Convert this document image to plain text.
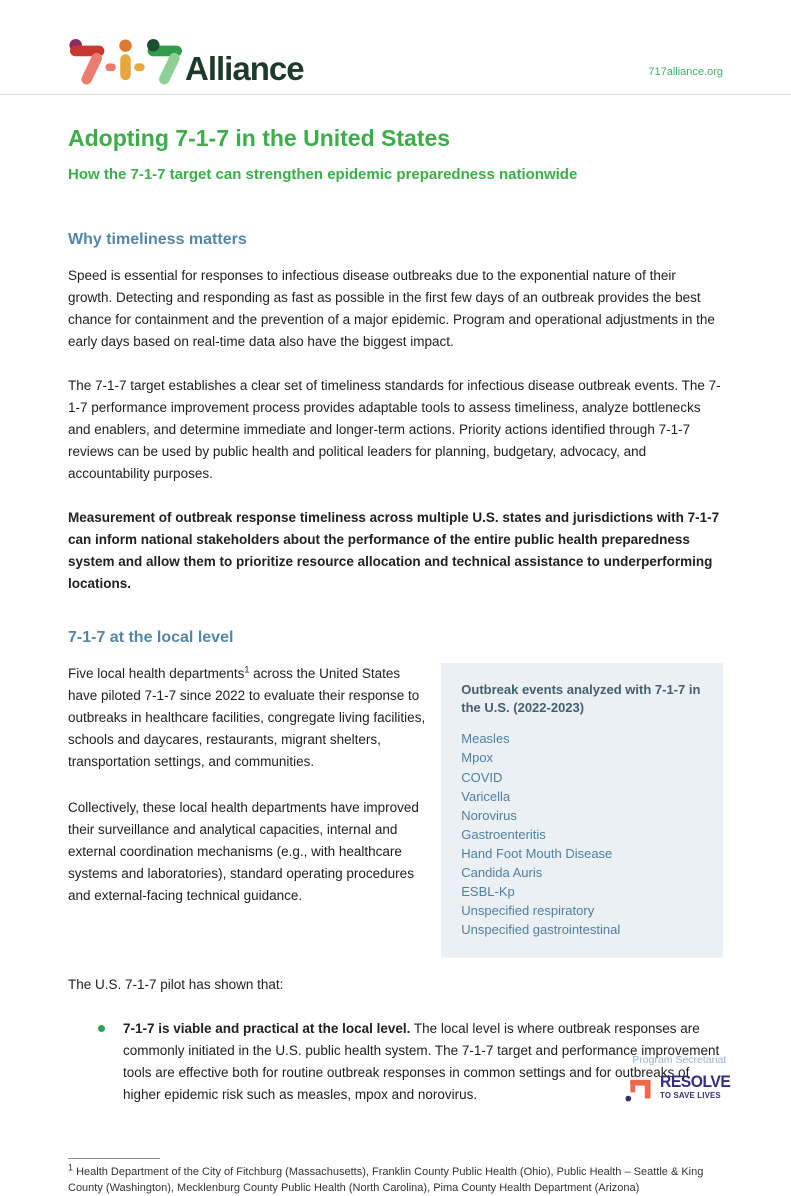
Alliance	717alliance.org
Adopting 7-1-7 in the United States
How the 7-1-7 target can strengthen epidemic preparedness nationwide
Why timeliness matters

Speed is essential for responses to infectious disease outbreaks due to the exponential nature of their growth. Detecting and responding as fast as possible in the first few days of an outbreak provides the best chance for containment and the prevention of a major epidemic. Program and operational adjustments in the early days based on real-time data also have the biggest impact.

The 7-1-7 target establishes a clear set of timeliness standards for infectious disease outbreak events. The 7-1-7 performance improvement process provides adaptable tools to assess timeliness, analyze bottlenecks and enablers, and determine immediate and longer-term actions. Priority actions identified through 7-1-7 reviews can be used by public health and political leaders for planning, budgetary, advocacy, and accountability purposes.

Measurement of outbreak response timeliness across multiple U.S. states and jurisdictions with 7-1-7 can inform national stakeholders about the performance of the entire public health preparedness system and allow them to prioritize resource allocation and technical assistance to underperforming locations.

7-1-7 at the local level

Five local health departments$^1$ across the United States have piloted 7-1-7 since 2022 to evaluate their response to outbreaks in healthcare facilities, congregate living facilities, schools and daycares, restaurants, migrant shelters, transportation settings, and communities.

Collectively, these local health departments have improved their surveillance and analytical capacities, internal and external coordination mechanisms (e.g., with healthcare systems and laboratories), standard operating procedures and external-facing technical guidance.

Outbreak events analyzed with 7-1-7 in the U.S. (2022-2023)
Measles
Mpox
COVID
Varicella
Norovirus
Gastroenteritis
Hand Foot Mouth Disease
Candida Auris
ESBL-Kp
Unspecified respiratory
Unspecified gastrointestinal

The U.S. 7-1-7 pilot has shown that:

7-1-7 is viable and practical at the local level. The local level is where outbreak responses are commonly initiated in the U.S. public health system. The 7-1-7 target and performance improvement tools are effective both for routine outbreak responses in common settings and for outbreaks of higher epidemic risk such as measles, mpox and norovirus.

$^1$ Health Department of the City of Fitchburg (Massachusetts), Franklin County Public Health (Ohio), Public Health – Seattle & King County (Washington), Mecklenburg County Public Health (North Carolina), Pima County Health Department (Arizona)

Program Secretariat
RESOLVE
TO SAVE LIVES
